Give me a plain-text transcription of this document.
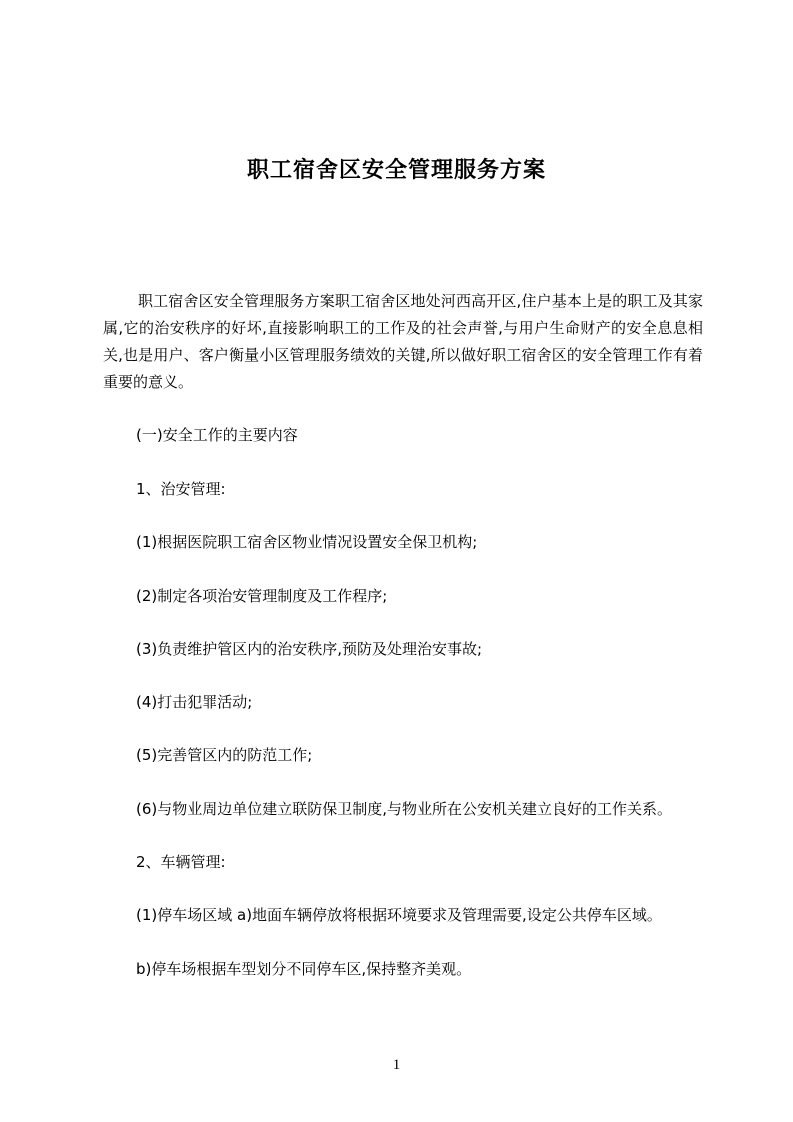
职工宿舍区安全管理服务方案

职工宿舍区安全管理服务方案职工宿舍区地处河西高开区,住户基本上是的职工及其家属,它的治安秩序的好坏,直接影响职工的工作及的社会声誉,与用户生命财产的安全息息相关,也是用户、客户衡量小区管理服务绩效的关键,所以做好职工宿舍区的安全管理工作有着重要的意义。

(一)安全工作的主要内容

1、治安管理:

(1)根据医院职工宿舍区物业情况设置安全保卫机构;

(2)制定各项治安管理制度及工作程序;

(3)负责维护管区内的治安秩序,预防及处理治安事故;

(4)打击犯罪活动;

(5)完善管区内的防范工作;

(6)与物业周边单位建立联防保卫制度,与物业所在公安机关建立良好的工作关系。

2、车辆管理:

(1)停车场区域 a)地面车辆停放将根据环境要求及管理需要,设定公共停车区域。

b)停车场根据车型划分不同停车区,保持整齐美观。

1
